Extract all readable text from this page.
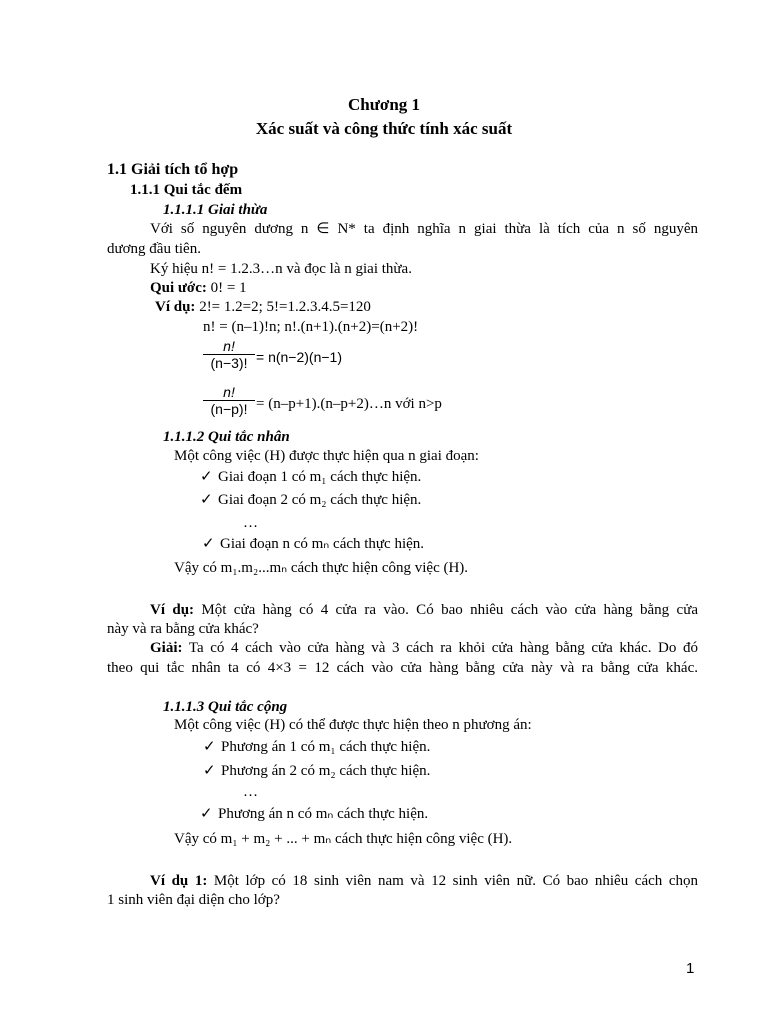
Chương 1
Xác suất và công thức tính xác suất
1.1 Giải tích tổ hợp
1.1.1 Qui tắc đếm
1.1.1.1 Giai thừa
Với số nguyên dương n ∈ N* ta định nghĩa n giai thừa là tích của n số nguyên
dương đầu tiên.
Ký hiệu n! = 1.2.3…n và đọc là n giai thừa.
Qui ước: 0! = 1
Ví dụ: 2!= 1.2=2; 5!=1.2.3.4.5=120
n! = (n–1)!n; n!.(n+1).(n+2)=(n+2)!
n!
(n−3)! = n(n−2)(n−1)
n!
(n−p)! = (n–p+1).(n–p+2)…n với n>p
1.1.1.2 Qui tắc nhân
Một công việc (H) được thực hiện qua n giai đoạn:
✓ Giai đoạn 1 có m₁ cách thực hiện.
✓ Giai đoạn 2 có m₂ cách thực hiện.
…
✓ Giai đoạn n có mₙ cách thực hiện.
Vậy có m₁.m₂...mₙ cách thực hiện công việc (H).
Ví dụ: Một cửa hàng có 4 cửa ra vào. Có bao nhiêu cách vào cửa hàng bằng cửa
này và ra bằng cửa khác?
Giải: Ta có 4 cách vào cửa hàng và 3 cách ra khỏi cửa hàng bằng cửa khác. Do đó
theo qui tắc nhân ta có 4×3 = 12 cách vào cửa hàng bằng cửa này và ra bằng cửa khác.
1.1.1.3 Qui tắc cộng
Một công việc (H) có thể được thực hiện theo n phương án:
✓ Phương án 1 có m₁ cách thực hiện.
✓ Phương án 2 có m₂ cách thực hiện.
…
✓ Phương án n có mₙ cách thực hiện.
Vậy có m₁ + m₂ + ... + mₙ cách thực hiện công việc (H).
Ví dụ 1: Một lớp có 18 sinh viên nam và 12 sinh viên nữ. Có bao nhiêu cách chọn
1 sinh viên đại diện cho lớp?
1
